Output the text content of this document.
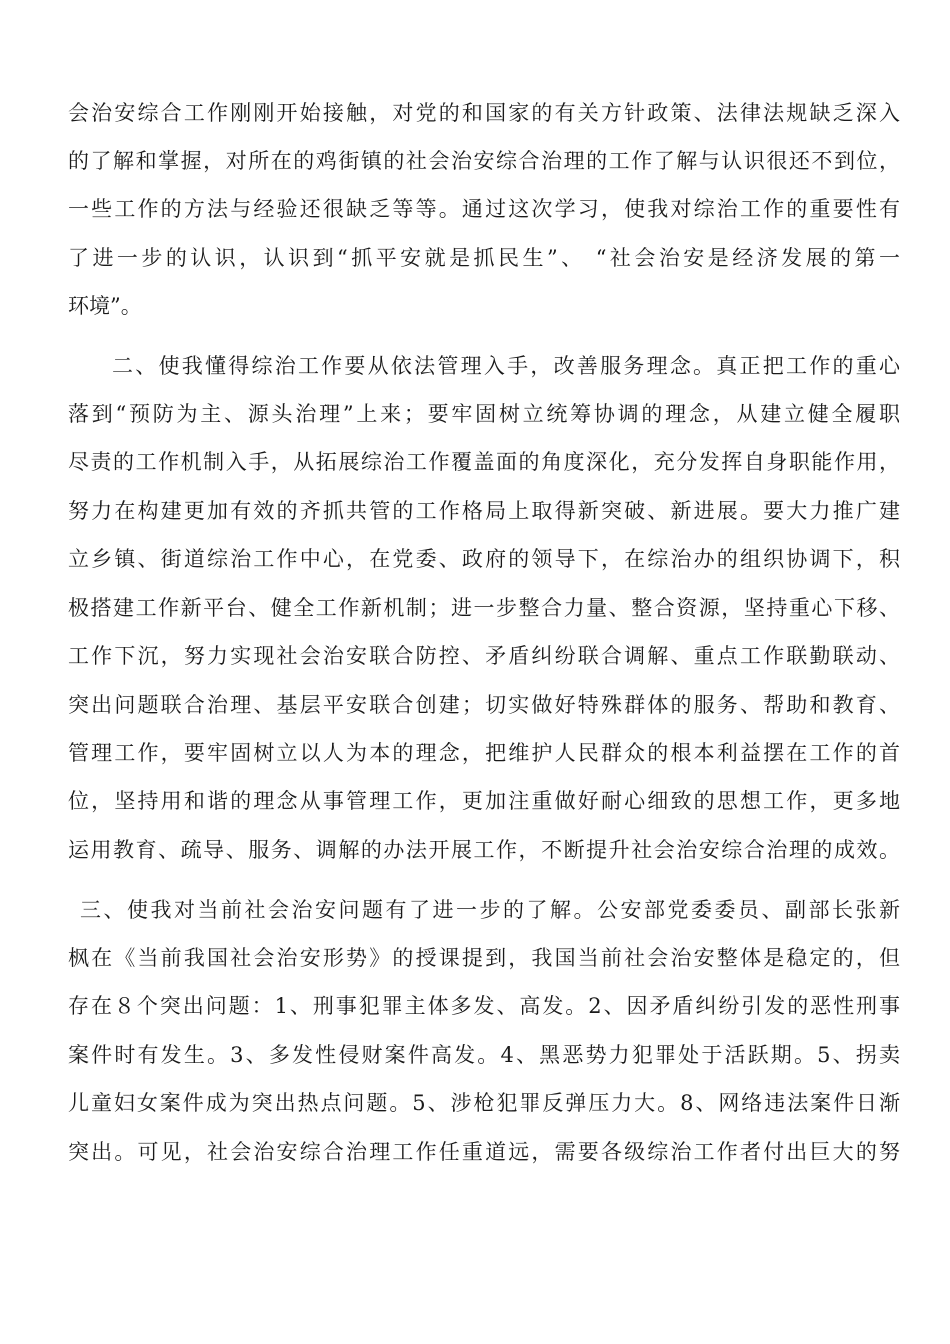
会治安综合工作刚刚开始接触，对党的和国家的有关方针政策、法律法规缺乏深入
的了解和掌握，对所在的鸡街镇的社会治安综合治理的工作了解与认识很还不到位，
一些工作的方法与经验还很缺乏等等。通过这次学习，使我对综治工作的重要性有
了进一步的认识，认识到“抓平安就是抓民生”、 “社会治安是经济发展的第一
环境”。
二、使我懂得综治工作要从依法管理入手，改善服务理念。真正把工作的重心
落到“预防为主、源头治理”上来；要牢固树立统筹协调的理念，从建立健全履职
尽责的工作机制入手，从拓展综治工作覆盖面的角度深化，充分发挥自身职能作用，
努力在构建更加有效的齐抓共管的工作格局上取得新突破、新进展。要大力推广建
立乡镇、街道综治工作中心，在党委、政府的领导下，在综治办的组织协调下，积
极搭建工作新平台、健全工作新机制；进一步整合力量、整合资源，坚持重心下移、
工作下沉，努力实现社会治安联合防控、矛盾纠纷联合调解、重点工作联勤联动、
突出问题联合治理、基层平安联合创建；切实做好特殊群体的服务、帮助和教育、
管理工作，要牢固树立以人为本的理念，把维护人民群众的根本利益摆在工作的首
位，坚持用和谐的理念从事管理工作，更加注重做好耐心细致的思想工作，更多地
运用教育、疏导、服务、调解的办法开展工作，不断提升社会治安综合治理的成效。
三、使我对当前社会治安问题有了进一步的了解。公安部党委委员、副部长张新
枫在《当前我国社会治安形势》的授课提到，我国当前社会治安整体是稳定的，但
存在８个突出问题：1、刑事犯罪主体多发、高发。2、因矛盾纠纷引发的恶性刑事
案件时有发生。3、多发性侵财案件高发。4、黑恶势力犯罪处于活跃期。5、拐卖
儿童妇女案件成为突出热点问题。5、涉枪犯罪反弹压力大。8、网络违法案件日渐
突出。可见，社会治安综合治理工作任重道远，需要各级综治工作者付出巨大的努
